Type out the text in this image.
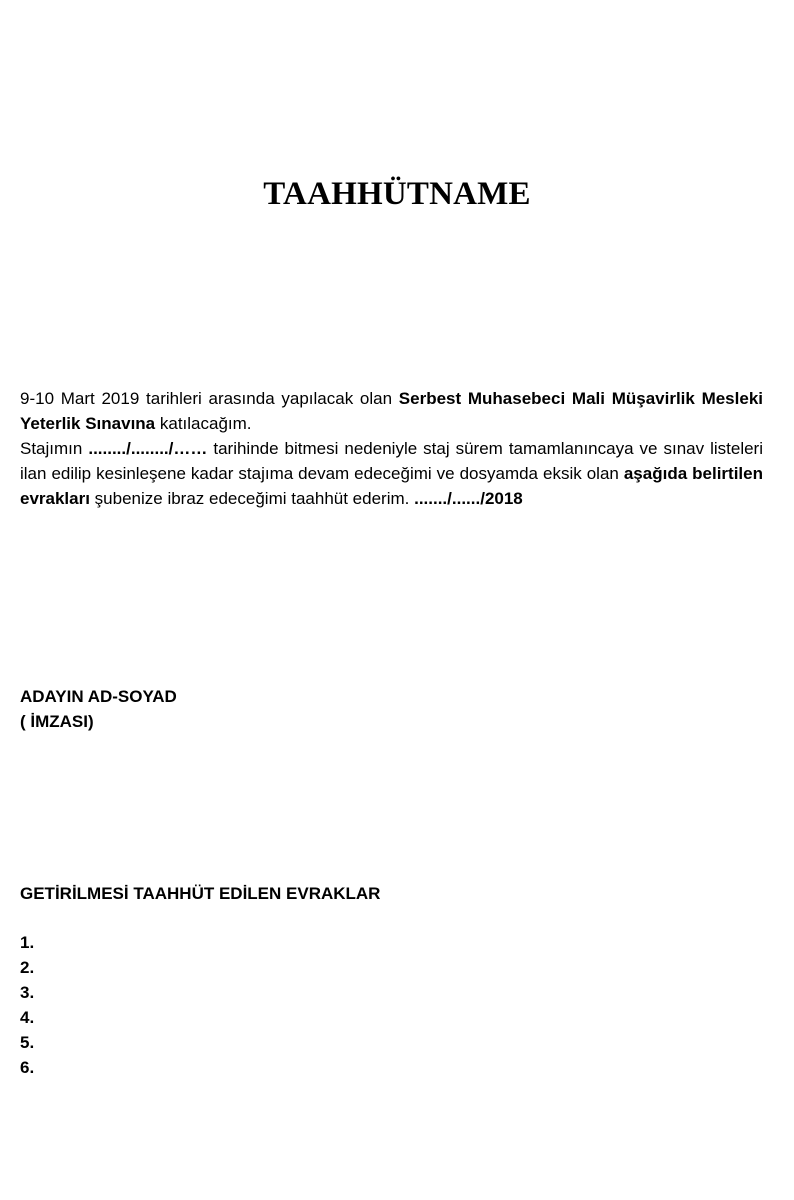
TAAHHÜTNAME

9-10 Mart 2019 tarihleri arasında yapılacak olan Serbest Muhasebeci Mali Müşavirlik Mesleki Yeterlik Sınavına katılacağım.

Stajımın ......../......../…… tarihinde bitmesi nedeniyle staj sürem tamamlanıncaya ve sınav listeleri ilan edilip kesinleşene kadar stajıma devam edeceğimi ve dosyamda eksik olan aşağıda belirtilen evrakları şubenize ibraz edeceğimi taahhüt ederim. ......./....../2018

ADAYIN AD-SOYAD
( İMZASI)
GETİRİLMESİ TAAHHÜT EDİLEN EVRAKLAR
1.
2.
3.
4.
5.
6.
